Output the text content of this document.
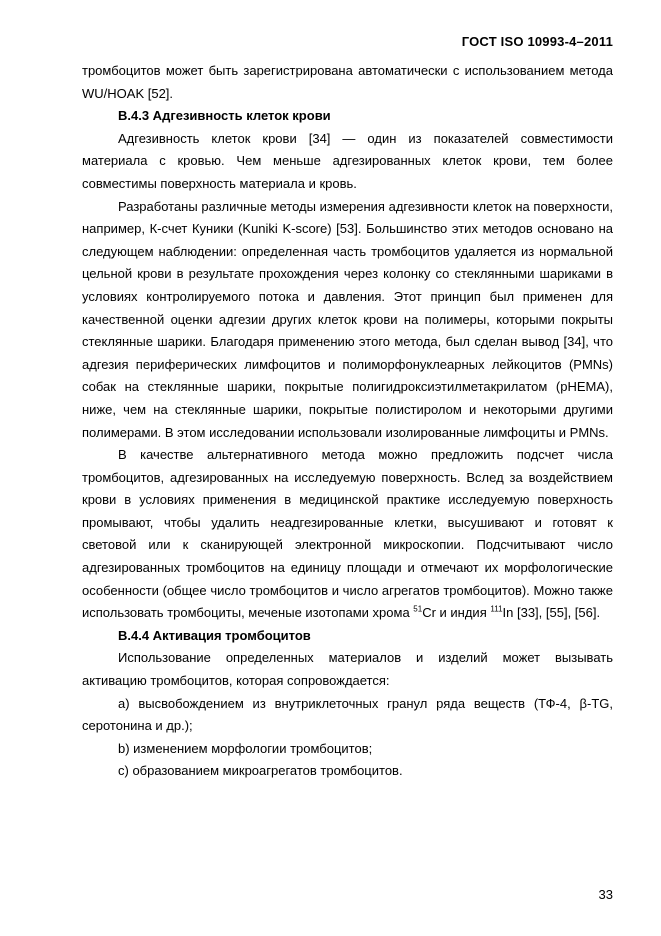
ГОСТ ISO 10993-4–2011

тромбоцитов может быть зарегистрирована автоматически с использованием метода WU/HOAK [52].

В.4.3 Адгезивность клеток крови

Адгезивность клеток крови [34] — один из показателей совместимости материала с кровью. Чем меньше адгезированных клеток крови, тем более совместимы поверхность материала и кровь.

Разработаны различные методы измерения адгезивности клеток на поверхности, например, К-счет Куники (Kuniki K-score) [53]. Большинство этих методов основано на следующем наблюдении: определенная часть тромбоцитов удаляется из нормальной цельной крови в результате прохождения через колонку со стеклянными шариками в условиях контролируемого потока и давления. Этот принцип был применен для качественной оценки адгезии других клеток крови на полимеры, которыми покрыты стеклянные шарики. Благодаря применению этого метода, был сделан вывод [34], что адгезия периферических лимфоцитов и полиморфонуклеарных лейкоцитов (PMNs) собак на стеклянные шарики, покрытые полигидроксиэтилметакрилатом (pHEMA), ниже, чем на стеклянные шарики, покрытые полистиролом и некоторыми другими полимерами. В этом исследовании использовали изолированные лимфоциты и PMNs.

В качестве альтернативного метода можно предложить подсчет числа тромбоцитов, адгезированных на исследуемую поверхность. Вслед за воздействием крови в условиях применения в медицинской практике исследуемую поверхность промывают, чтобы удалить неадгезированные клетки, высушивают и готовят к световой или к сканирующей электронной микроскопии. Подсчитывают число адгезированных тромбоцитов на единицу площади и отмечают их морфологические особенности (общее число тромбоцитов и число агрегатов тромбоцитов). Можно также использовать тромбоциты, меченые изотопами хрома $^{51}$Cr и индия $^{111}$In [33], [55], [56].

В.4.4 Активация тромбоцитов

Использование определенных материалов и изделий может вызывать активацию тромбоцитов, которая сопровождается:

а) высвобождением из внутриклеточных гранул ряда веществ (ТФ-4, β-TG, серотонина и др.);

b) изменением морфологии тромбоцитов;

c) образованием микроагрегатов тромбоцитов.

33
